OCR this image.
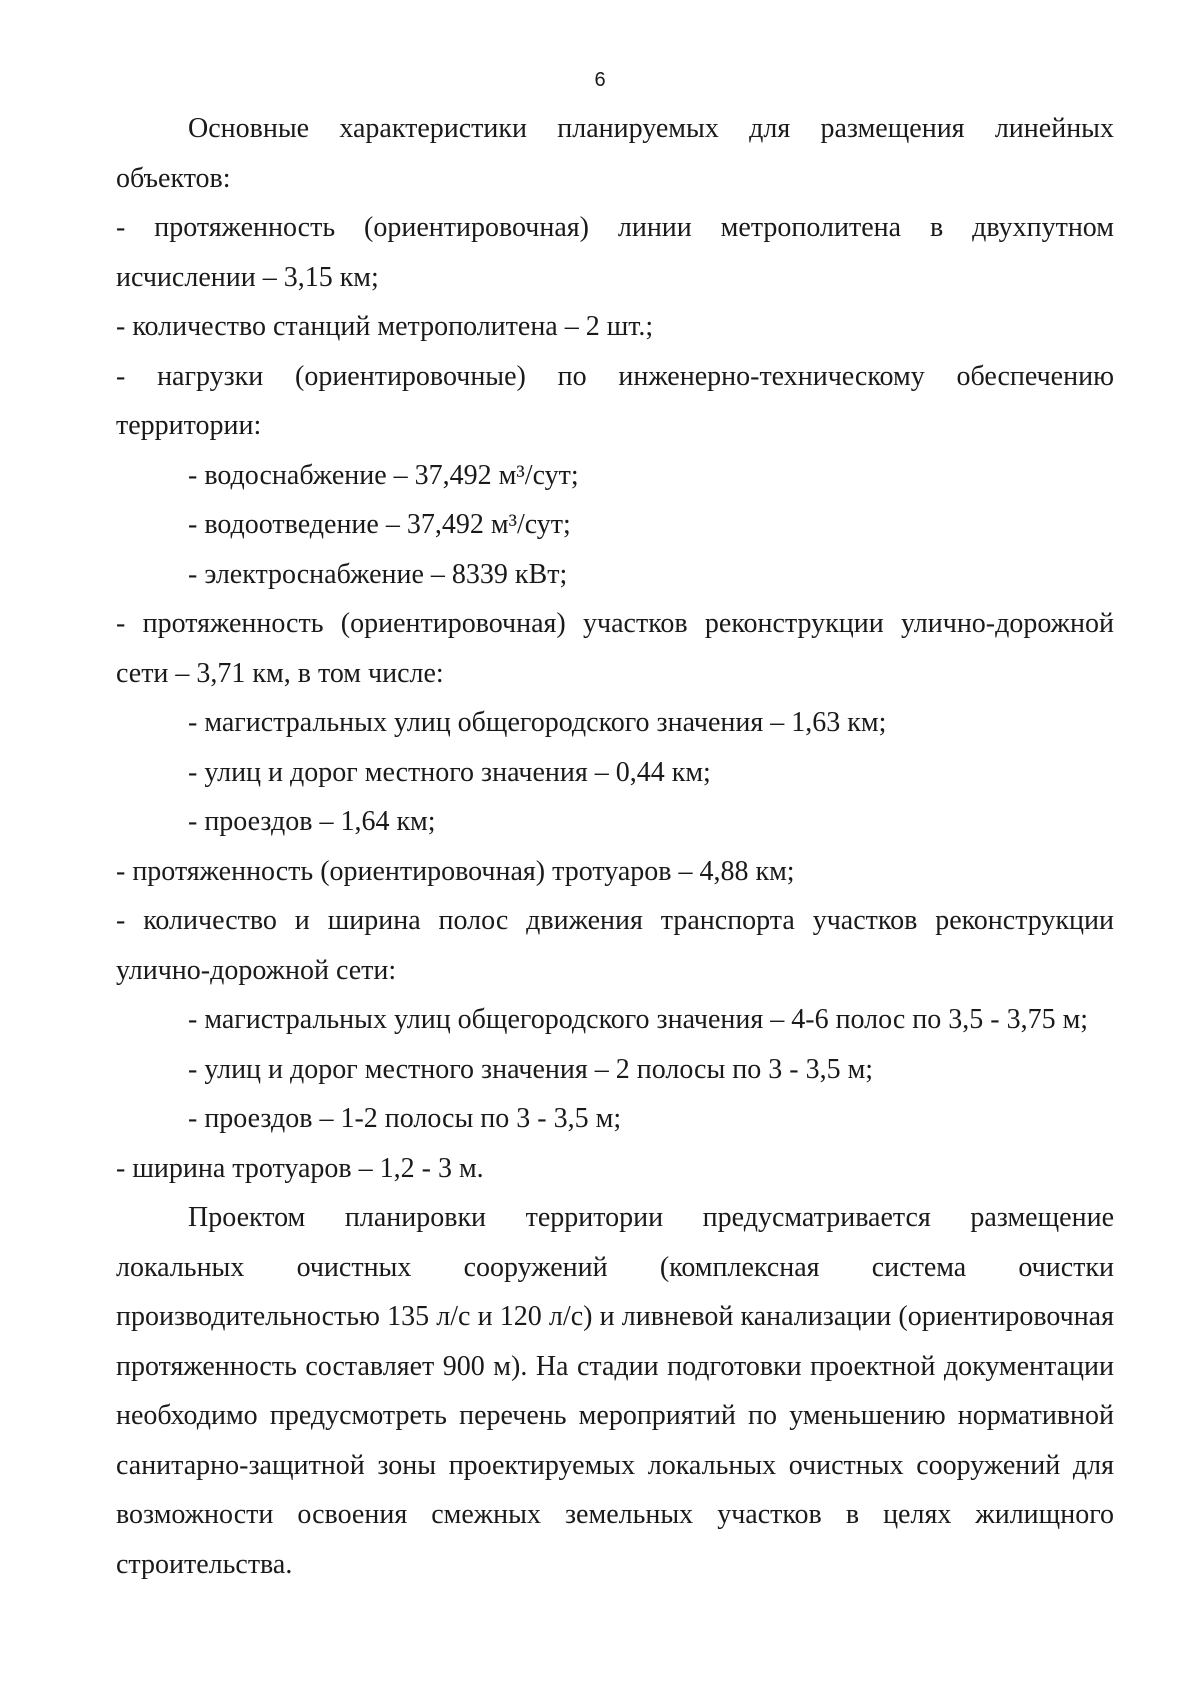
6

Основные характеристики планируемых для размещения линейных объектов:

- протяженность (ориентировочная) линии метрополитена в двухпутном исчислении – 3,15 км;

- количество станций метрополитена – 2 шт.;

- нагрузки (ориентировочные) по инженерно-техническому обеспечению территории:

- водоснабжение – 37,492 м³/сут;

- водоотведение – 37,492 м³/сут;

- электроснабжение – 8339 кВт;

- протяженность (ориентировочная) участков реконструкции улично-дорожной сети – 3,71 км, в том числе:

- магистральных улиц общегородского значения – 1,63 км;

- улиц и дорог местного значения – 0,44 км;

- проездов – 1,64 км;

- протяженность (ориентировочная) тротуаров – 4,88 км;

- количество и ширина полос движения транспорта участков реконструкции улично-дорожной сети:

- магистральных улиц общегородского значения – 4-6 полос по 3,5 - 3,75 м;

- улиц и дорог местного значения – 2 полосы по 3 - 3,5 м;

- проездов – 1-2 полосы по 3 - 3,5 м;

- ширина тротуаров – 1,2 - 3 м.

Проектом планировки территории предусматривается размещение локальных очистных сооружений (комплексная система очистки производительностью 135 л/с и 120 л/с) и ливневой канализации (ориентировочная протяженность составляет 900 м). На стадии подготовки проектной документации необходимо предусмотреть перечень мероприятий по уменьшению нормативной санитарно-защитной зоны проектируемых локальных очистных сооружений для возможности освоения смежных земельных участков в целях жилищного строительства.
